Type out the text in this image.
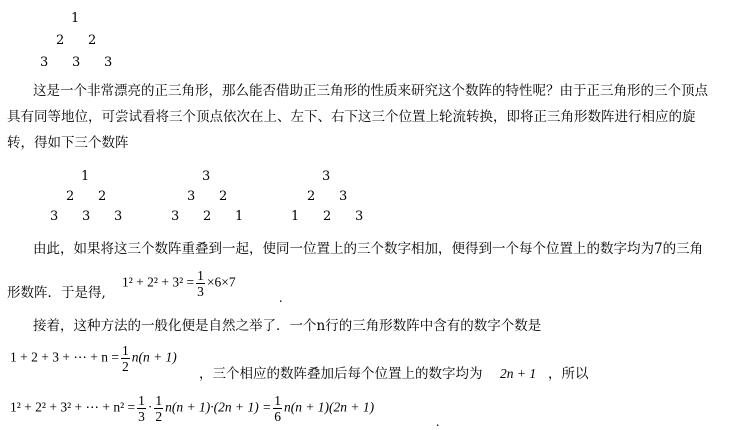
1
2 2
3 3 3
这是一个非常漂亮的正三角形，那么能否借助正三角形的性质来研究这个数阵的特性呢？由于正三角形的三个顶点
具有同等地位，可尝试看将三个顶点依次在上、左下、右下这三个位置上轮流转换，即将正三角形数阵进行相应的旋
转，得如下三个数阵
1
2 2
3 3 3
3
3 2
3 2 1
3
2 3
1 2 3
由此，如果将这三个数阵重叠到一起，使同一位置上的三个数字相加，便得到一个每个位置上的数字均为7的三角
形数阵．于是得,
$1^2 + 2^2 + 3^2 = \frac{1}{3} \times 6\times 7$
.
接着，这种方法的一般化便是自然之举了．一个n行的三角形数阵中含有的数字个数是
1 + 2 + 3 + ⋯ + $n = \frac{1}{2} n(n + 1)$
，三个相应的数阵叠加后每个位置上的数字均为 2n + 1 ，所以
1² + 2² + 3² + ⋯ + $n^2 = \frac{1}{3} \cdot \frac{1}{2} n(n + 1)\cdot(2n + 1) = \frac{1}{6} n(n + 1)(2n + 1)$
.
